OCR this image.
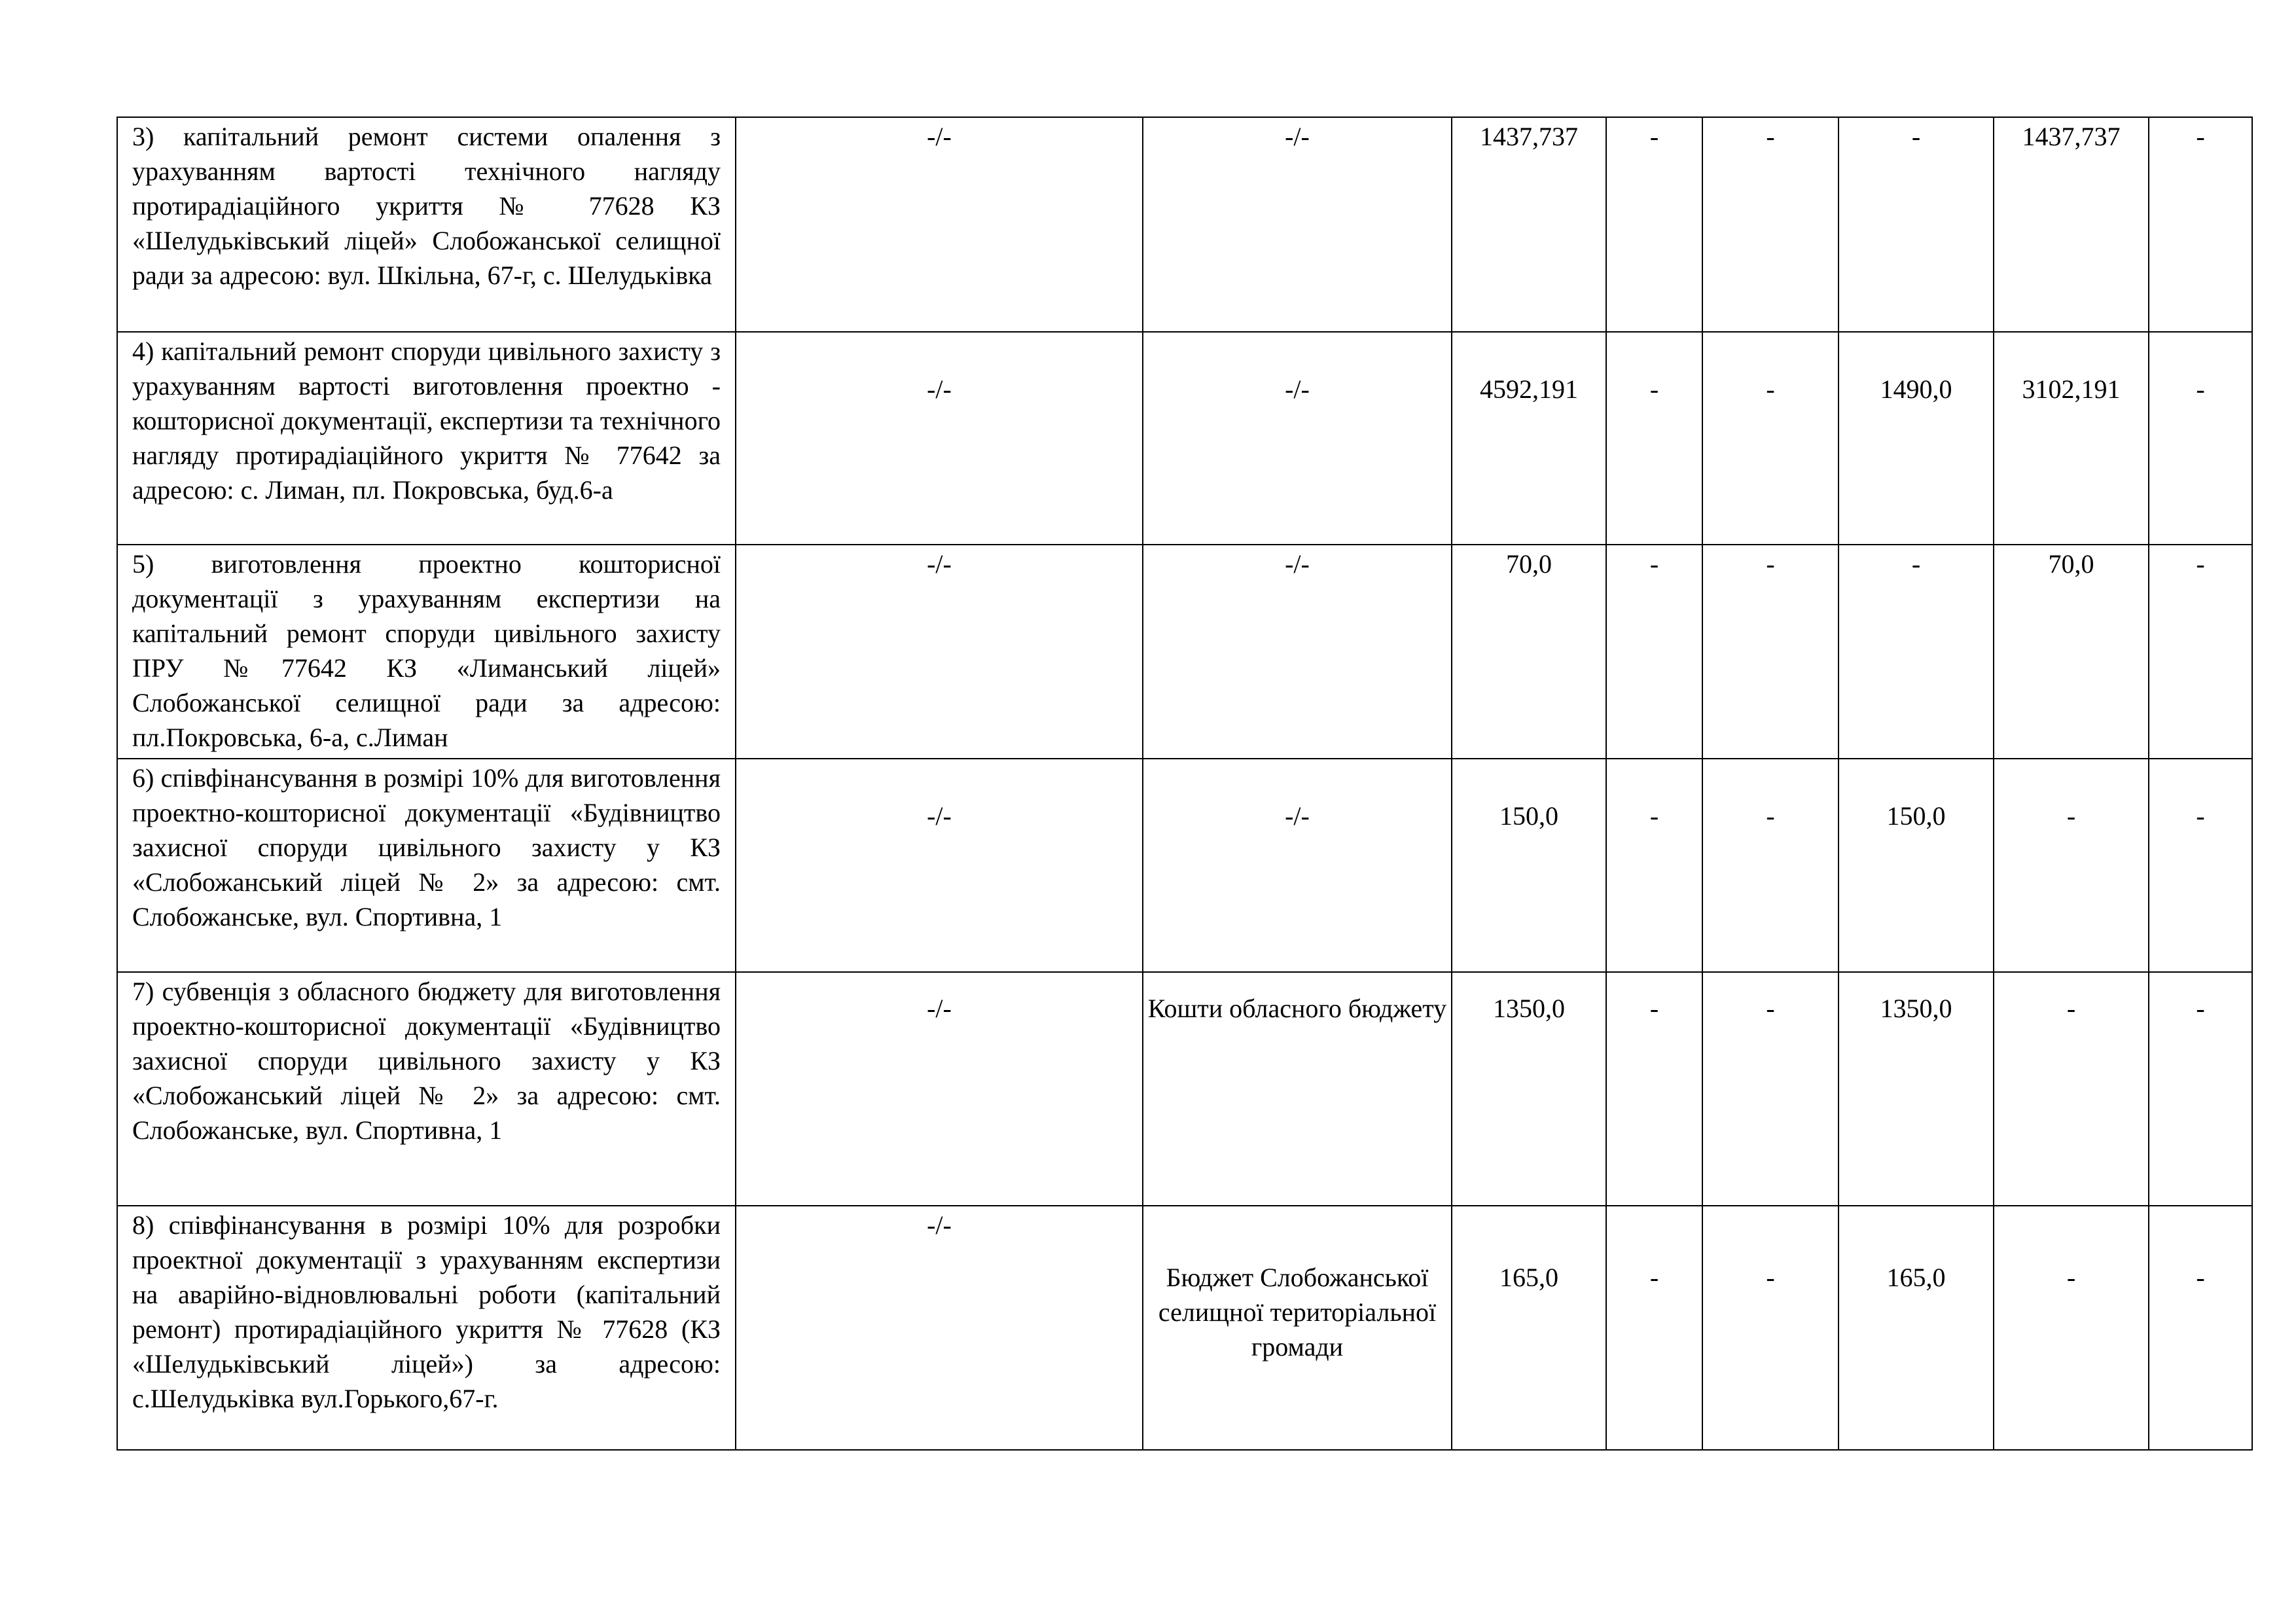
3) капітальний ремонт системи опалення з урахуванням вартості технічного нагляду протирадіаційного укриття № 77628 КЗ «Шелудьківський ліцей» Слобожанської селищної ради за адресою: вул. Шкільна, 67-г, с. Шелудьківка	-/-	-/-	1437,737	-	-	-	1437,737	-
4) капітальний ремонт споруди цивільного захисту з урахуванням вартості виготовлення проектно - кошторисної документації, експертизи та технічного нагляду протирадіаційного укриття № 77642 за адресою: с. Лиман, пл. Покровська, буд.6-а	-/-	-/-	4592,191	-	-	1490,0	3102,191	-
5) виготовлення проектно кошторисної документації з урахуванням експертизи на капітальний ремонт споруди цивільного захисту ПРУ №77642 КЗ «Лиманський ліцей» Слобожанської селищної ради за адресою: пл.Покровська, 6-а, с.Лиман	-/-	-/-	70,0	-	-	-	70,0	-
6) співфінансування в розмірі 10% для виготовлення проектно-кошторисної документації «Будівництво захисної споруди цивільного захисту у КЗ «Слобожанський ліцей № 2» за адресою: смт. Слобожанське, вул. Спортивна, 1	-/-	-/-	150,0	-	-	150,0	-	-
7) субвенція з обласного бюджету для виготовлення проектно-кошторисної документації «Будівництво захисної споруди цивільного захисту у КЗ «Слобожанський ліцей № 2» за адресою: смт. Слобожанське, вул. Спортивна, 1	-/-	Кошти обласного бюджету	1350,0	-	-	1350,0	-	-
8) співфінансування в розмірі 10% для розробки проектної документації з урахуванням експертизи на аварійно-відновлювальні роботи (капітальний ремонт) протирадіаційного укриття № 77628 (КЗ «Шелудьківський ліцей») за адресою: с.Шелудьківка вул.Горького,67-г.	-/-	Бюджет Слобожанської селищної територіальної громади	165,0	-	-	165,0	-	-
